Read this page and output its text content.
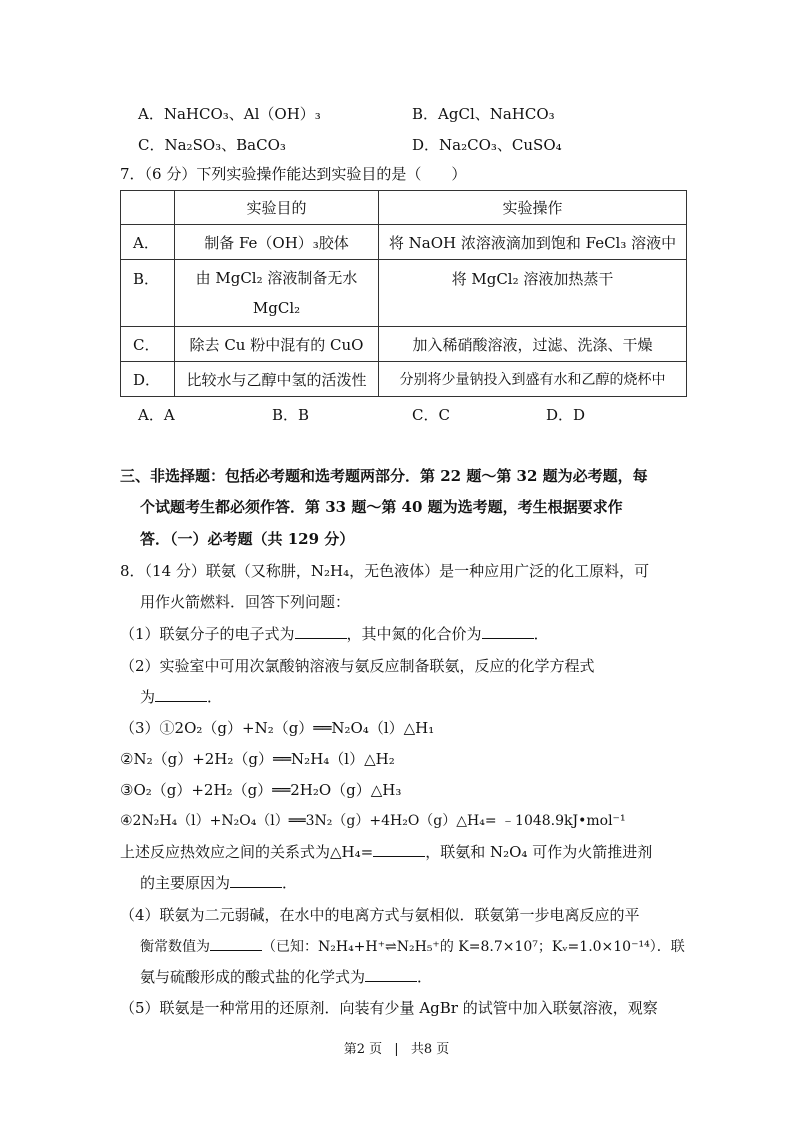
A．NaHCO₃、Al（OH）₃	B．AgCl、NaHCO₃
C．Na₂SO₃、BaCO₃	D．Na₂CO₃、CuSO₄
7．（6 分）下列实验操作能达到实验目的是（　　）
	实验目的	实验操作
A．	制备 Fe（OH）₃胶体	将 NaOH 浓溶液滴加到饱和 FeCl₃ 溶液中
B．	由 MgCl₂ 溶液制备无水 MgCl₂	将 MgCl₂ 溶液加热蒸干
C．	除去 Cu 粉中混有的 CuO	加入稀硝酸溶液，过滤、洗涤、干燥
D．	比较水与乙醇中氢的活泼性	分别将少量钠投入到盛有水和乙醇的烧杯中
A．A	B．B	C．C	D．D
三、非选择题：包括必考题和选考题两部分．第 22 题～第 32 题为必考题，每
个试题考生都必须作答．第 33 题～第 40 题为选考题，考生根据要求作
答．（一）必考题（共 129 分）
8．（14 分）联氨（又称肼，N₂H₄，无色液体）是一种应用广泛的化工原料，可
用作火箭燃料．回答下列问题：
（1）联氨分子的电子式为	，其中氮的化合价为	．
（2）实验室中可用次氯酸钠溶液与氨反应制备联氨，反应的化学方程式
为	．
（3）①2O₂（g）+N₂（g）══N₂O₄（l）△H₁
②N₂（g）+2H₂（g）══N₂H₄（l）△H₂
③O₂（g）+2H₂（g）══2H₂O（g）△H₃
④2N₂H₄（l）+N₂O₄（l）══3N₂（g）+4H₂O（g）△H₄= ﹣1048.9kJ•mol⁻¹
上述反应热效应之间的关系式为△H₄=	，联氨和 N₂O₄ 可作为火箭推进剂
的主要原因为	．
（4）联氨为二元弱碱，在水中的电离方式与氨相似．联氨第一步电离反应的平
衡常数值为	（已知：N₂H₄+H⁺⇌N₂H₅⁺的 K=8.7×10⁷；Kᵥ=1.0×10⁻¹⁴）．联
氨与硫酸形成的酸式盐的化学式为	．
（5）联氨是一种常用的还原剂．向装有少量 AgBr 的试管中加入联氨溶液，观察
第2 页 | 共8 页
